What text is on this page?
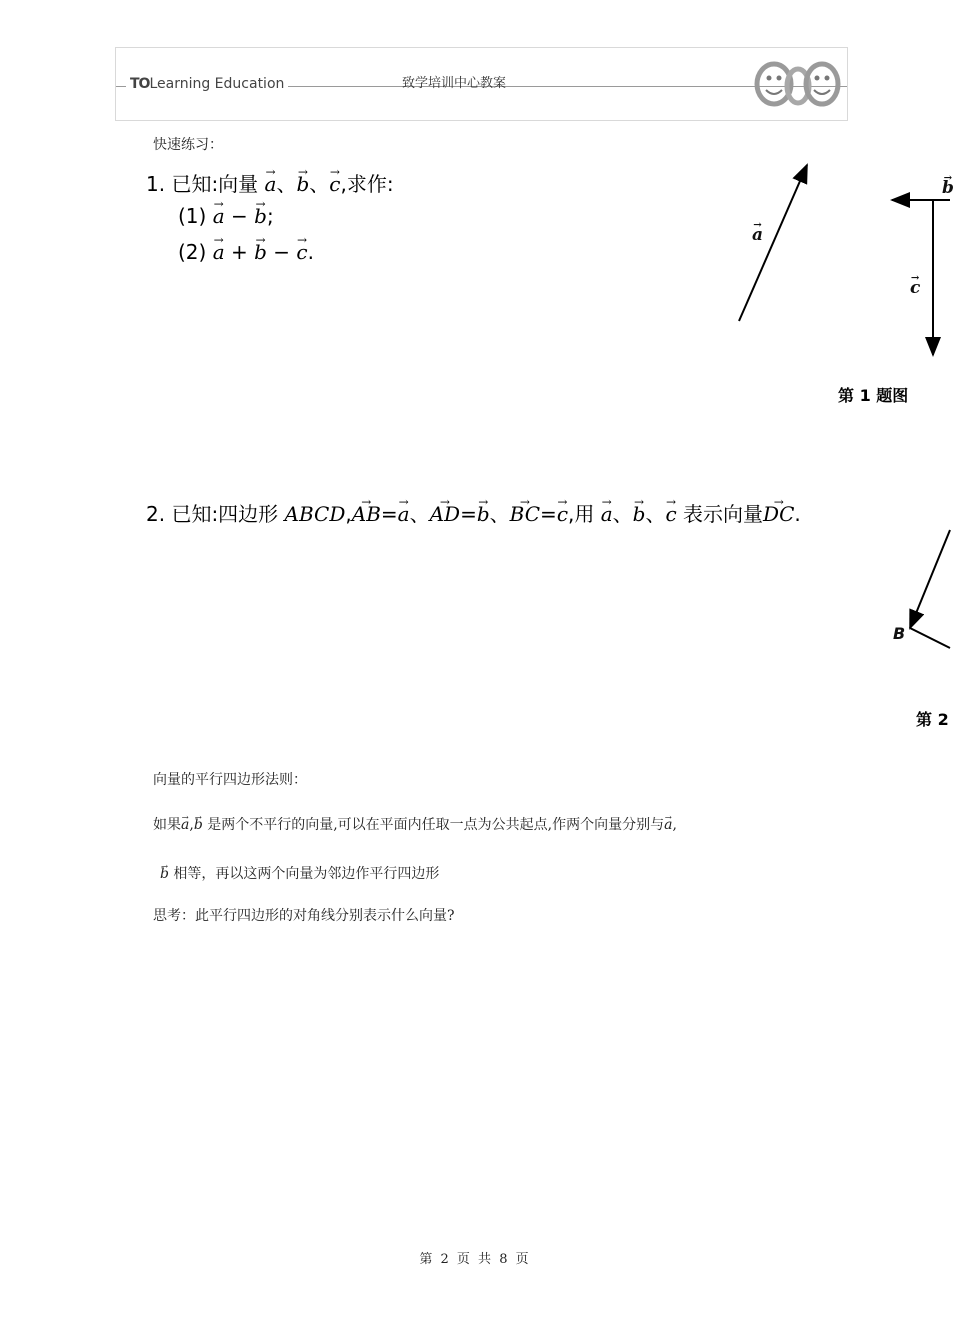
TOLearning Education	致学培训中心教案
快速练习：
1. 已知:向量 → a、→ b、→ c,求作:
(1) → a − → b;
(2) → a + → b − → c.
→ a
→ c
→ b
第 1 题图
2. 已知:四边形 ABCD,→ AB=→ a、→ AD=→ b、→ BC=→ c,用 → a、→ b、→ c 表示向量→ DC.
B
第 2
向量的平行四边形法则：
如果→ a,→ b 是两个不平行的向量,可以在平面内任取一点为公共起点,作两个向量分别与→ a,
→ b 相等，再以这两个向量为邻边作平行四边形
思考：此平行四边形的对角线分别表示什么向量?
第 2 页 共 8 页
